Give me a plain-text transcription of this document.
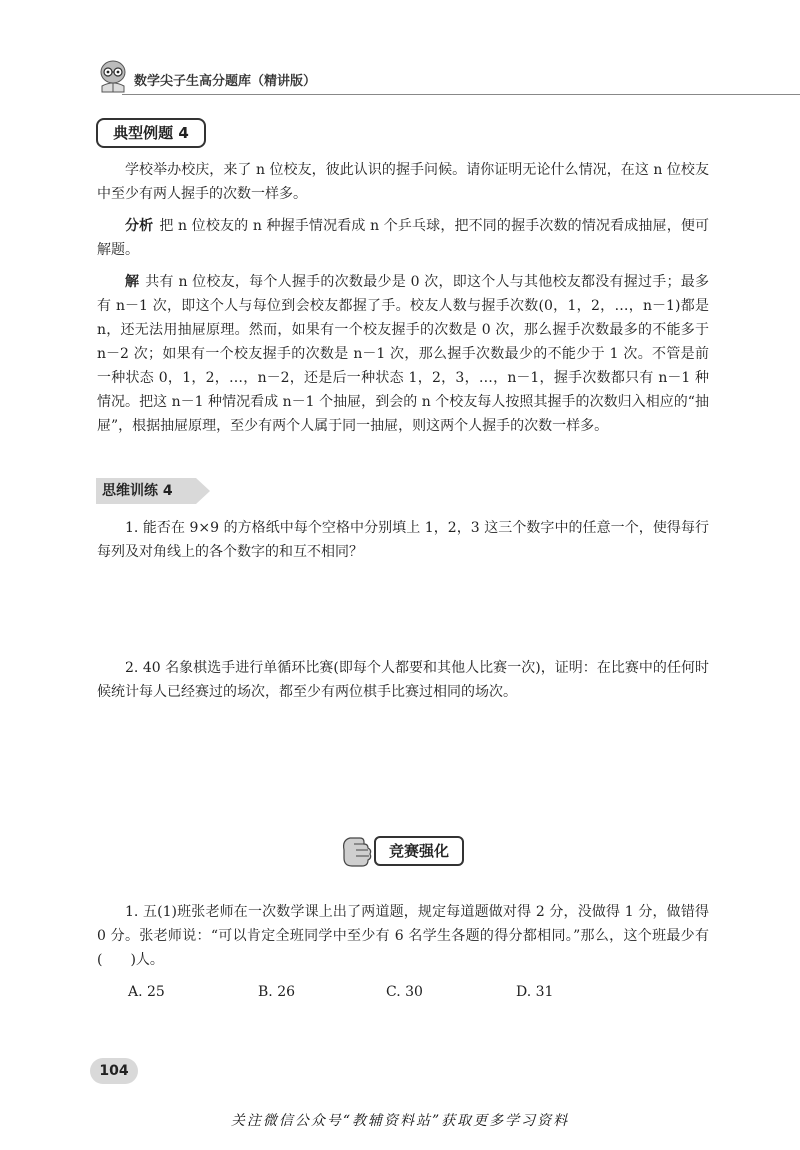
数学尖子生高分题库（精讲版）
典型例题 4
学校举办校庆，来了 n 位校友，彼此认识的握手问候。请你证明无论什么情况，在这 n 位校友中至少有两人握手的次数一样多。
分析 把 n 位校友的 n 种握手情况看成 n 个乒乓球，把不同的握手次数的情况看成抽屉，便可解题。
解 共有 n 位校友，每个人握手的次数最少是 0 次，即这个人与其他校友都没有握过手；最多有 n－1 次，即这个人与每位到会校友都握了手。校友人数与握手次数(0，1，2，…，n－1)都是 n，还无法用抽屉原理。然而，如果有一个校友握手的次数是 0 次，那么握手次数最多的不能多于 n－2 次；如果有一个校友握手的次数是 n－1 次，那么握手次数最少的不能少于 1 次。不管是前一种状态 0，1，2，…，n－2，还是后一种状态 1，2，3，…，n－1，握手次数都只有 n－1 种情况。把这 n－1 种情况看成 n－1 个抽屉，到会的 n 个校友每人按照其握手的次数归入相应的“抽屉”，根据抽屉原理，至少有两个人属于同一抽屉，则这两个人握手的次数一样多。
思维训练 4
1. 能否在 9×9 的方格纸中每个空格中分别填上 1，2，3 这三个数字中的任意一个，使得每行每列及对角线上的各个数字的和互不相同？
2. 40 名象棋选手进行单循环比赛(即每个人都要和其他人比赛一次)，证明：在比赛中的任何时候统计每人已经赛过的场次，都至少有两位棋手比赛过相同的场次。
竞赛强化
1. 五(1)班张老师在一次数学课上出了两道题，规定每道题做对得 2 分，没做得 1 分，做错得 0 分。张老师说：“可以肯定全班同学中至少有 6 名学生各题的得分都相同。”那么，这个班最少有(　　)人。
A. 25	B. 26	C. 30	D. 31
104
关注微信公众号“教辅资料站”获取更多学习资料
